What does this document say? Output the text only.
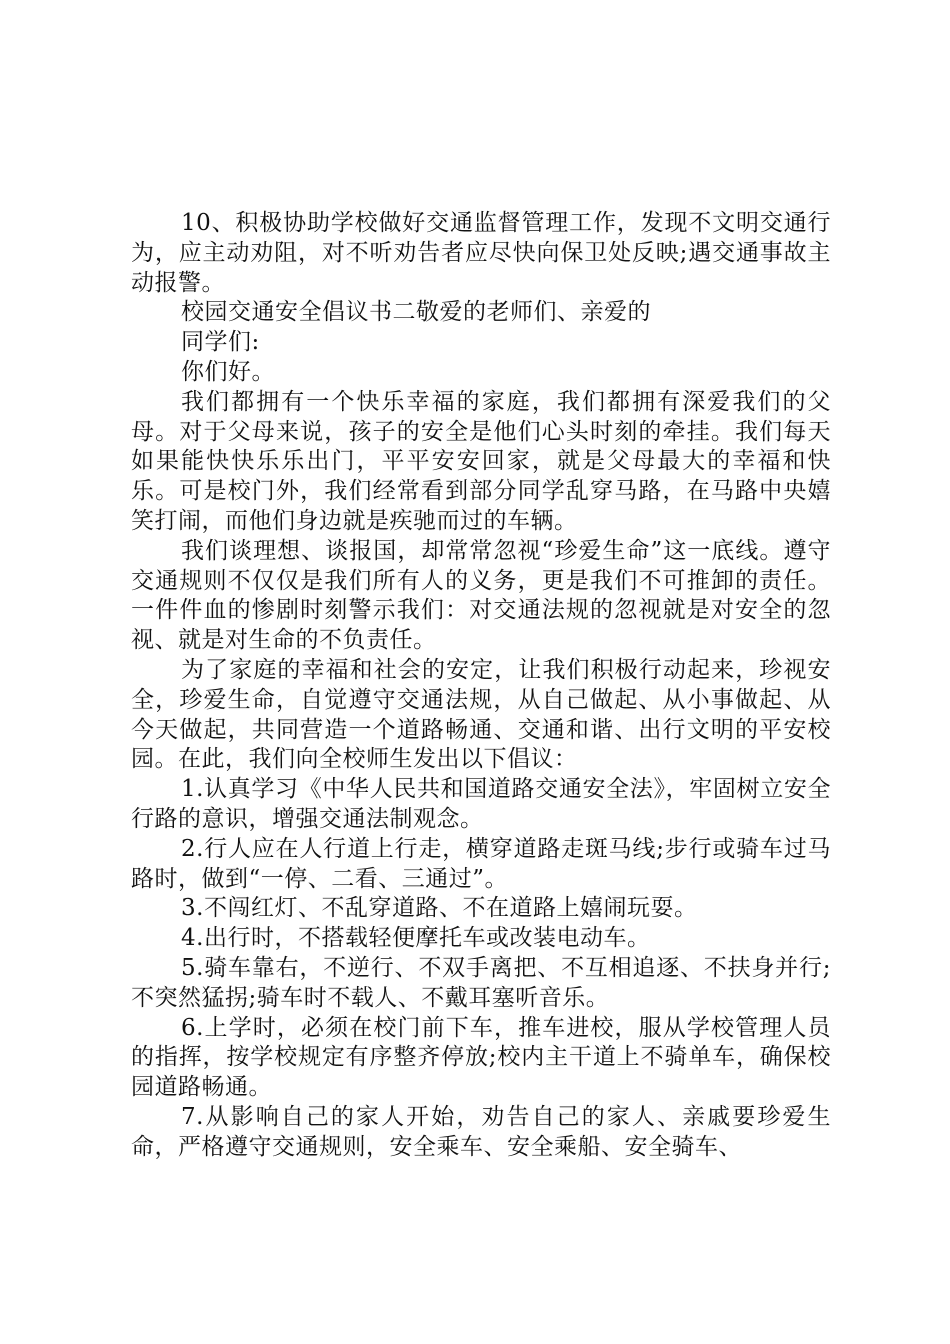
10、积极协助学校做好交通监督管理工作，发现不文明交通行为，应主动劝阻，对不听劝告者应尽快向保卫处反映;遇交通事故主动报警。

校园交通安全倡议书二敬爱的老师们、亲爱的

同学们:

你们好。

我们都拥有一个快乐幸福的家庭，我们都拥有深爱我们的父母。对于父母来说，孩子的安全是他们心头时刻的牵挂。我们每天如果能快快乐乐出门，平平安安回家，就是父母最大的幸福和快乐。可是校门外，我们经常看到部分同学乱穿马路，在马路中央嬉笑打闹，而他们身边就是疾驰而过的车辆。

我们谈理想、谈报国，却常常忽视“珍爱生命”这一底线。遵守交通规则不仅仅是我们所有人的义务，更是我们不可推卸的责任。一件件血的惨剧时刻警示我们：对交通法规的忽视就是对安全的忽视、就是对生命的不负责任。

为了家庭的幸福和社会的安定，让我们积极行动起来，珍视安全，珍爱生命，自觉遵守交通法规，从自己做起、从小事做起、从今天做起，共同营造一个道路畅通、交通和谐、出行文明的平安校园。在此，我们向全校师生发出以下倡议：

1.认真学习《中华人民共和国道路交通安全法》，牢固树立安全行路的意识，增强交通法制观念。

2.行人应在人行道上行走，横穿道路走斑马线;步行或骑车过马路时，做到“一停、二看、三通过”。

3.不闯红灯、不乱穿道路、不在道路上嬉闹玩耍。

4.出行时，不搭载轻便摩托车或改装电动车。

5.骑车靠右，不逆行、不双手离把、不互相追逐、不扶身并行;不突然猛拐;骑车时不载人、不戴耳塞听音乐。

6.上学时，必须在校门前下车，推车进校，服从学校管理人员的指挥，按学校规定有序整齐停放;校内主干道上不骑单车，确保校园道路畅通。

7.从影响自己的家人开始，劝告自己的家人、亲戚要珍爱生命，严格遵守交通规则，安全乘车、安全乘船、安全骑车、
